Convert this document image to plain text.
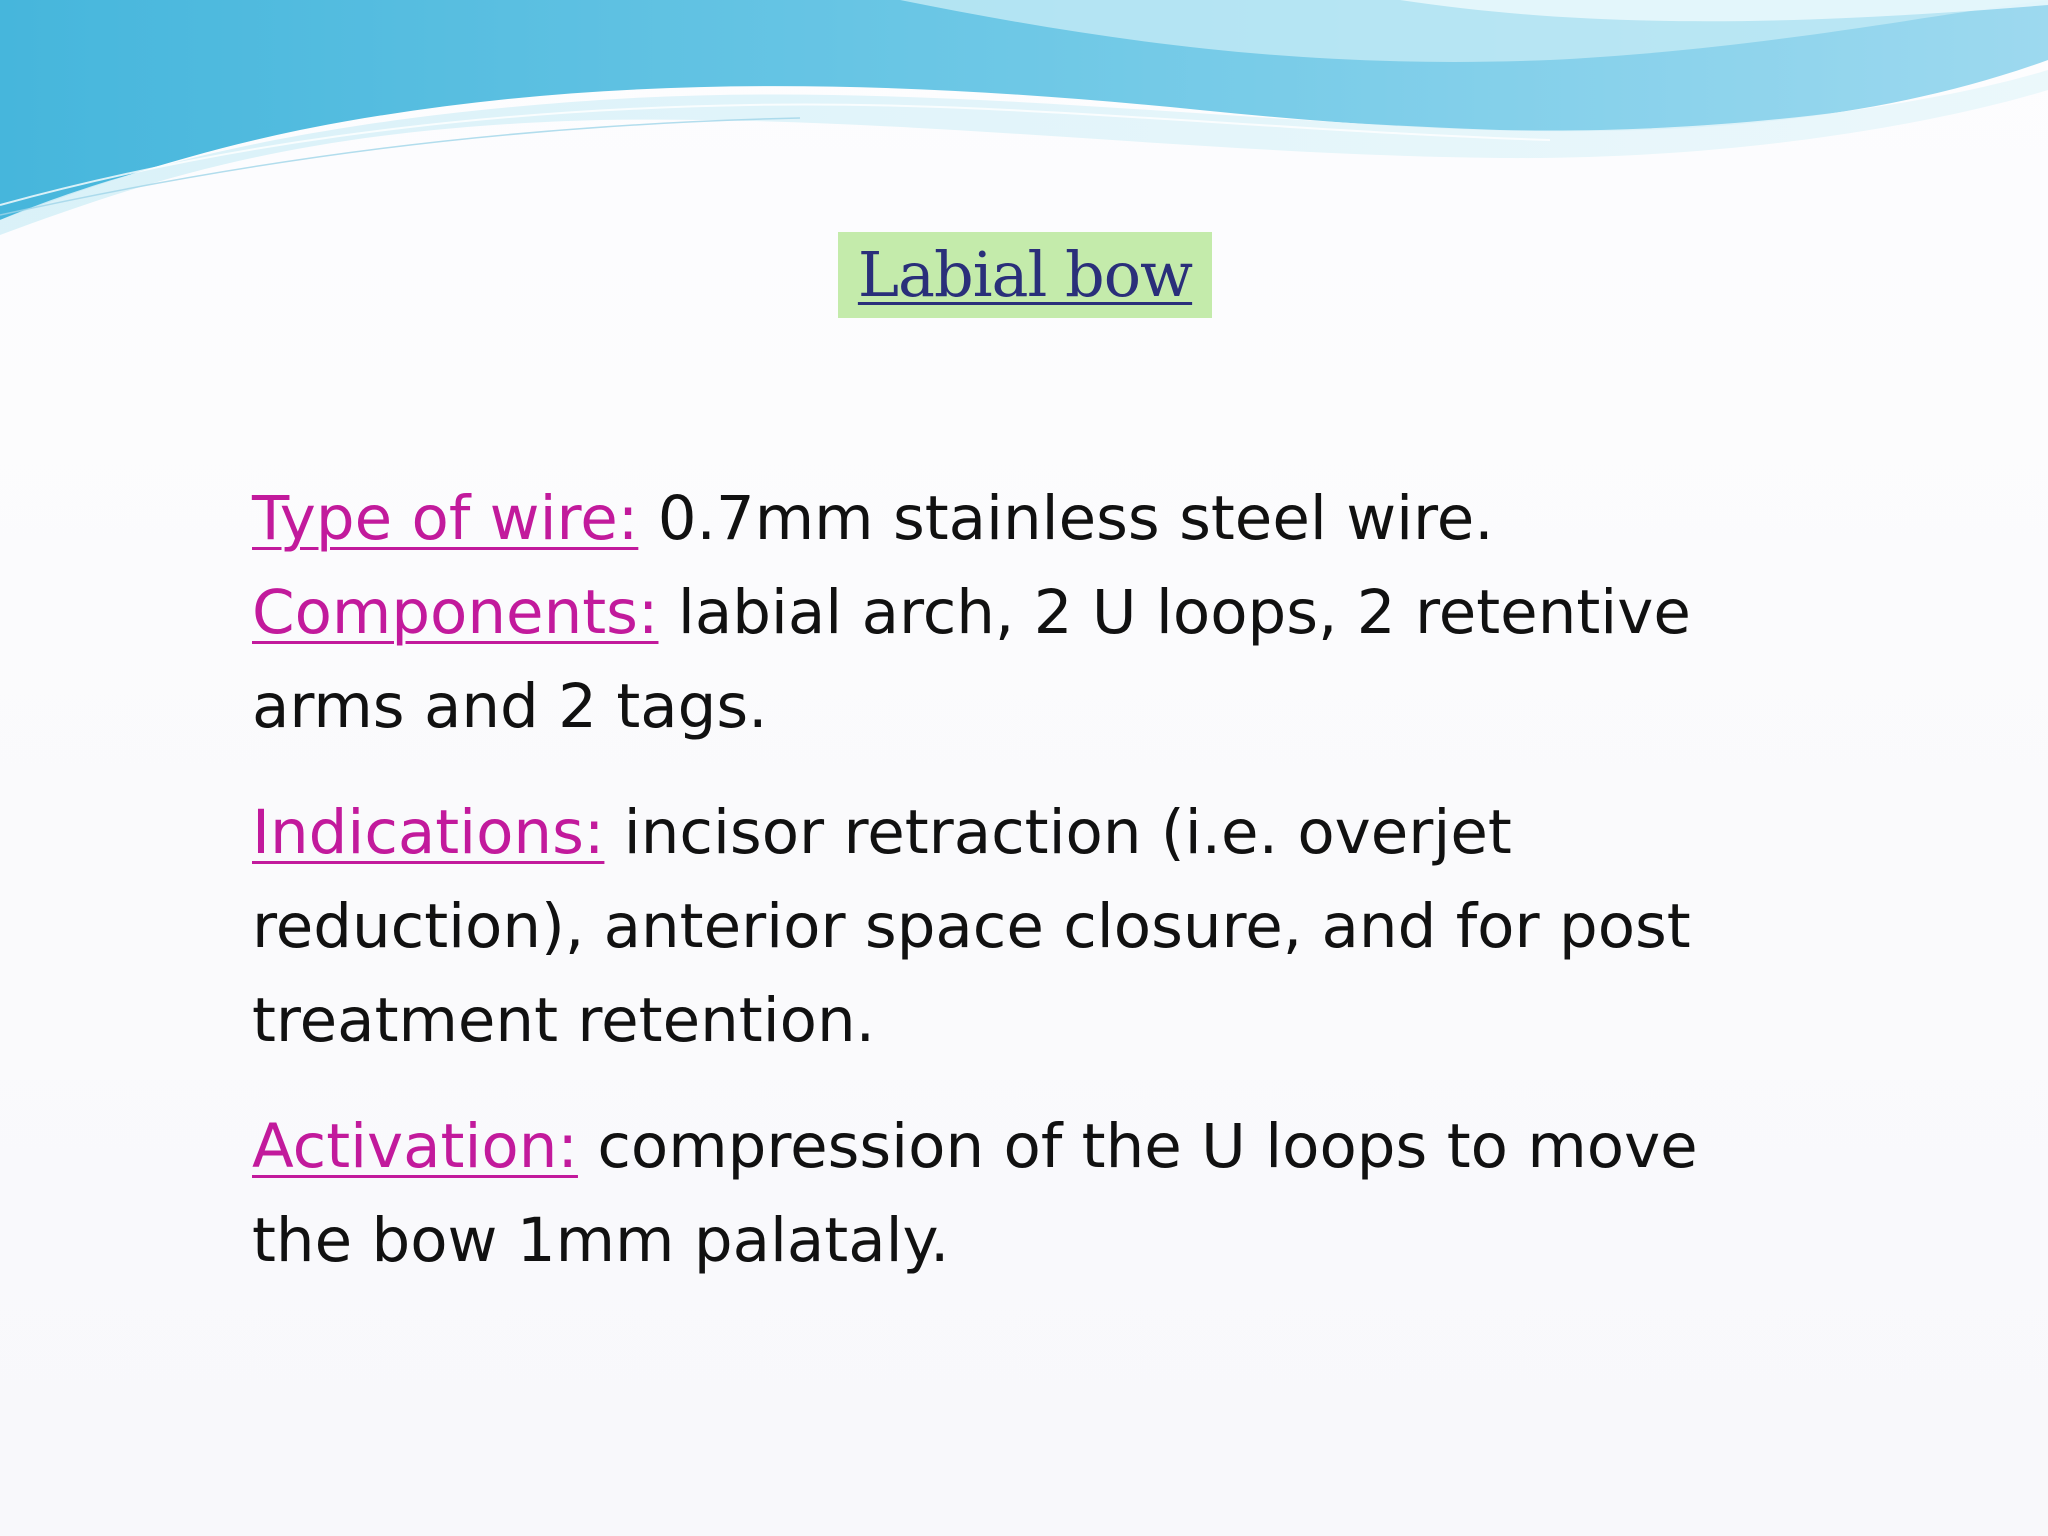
Labial bow

Type of wire: 0.7mm stainless steel wire.

Components: labial arch, 2 U loops, 2 retentive arms and 2 tags.

Indications: incisor retraction (i.e. overjet reduction), anterior space closure, and for post treatment retention.

Activation: compression of the U loops to move the bow 1mm palataly.
